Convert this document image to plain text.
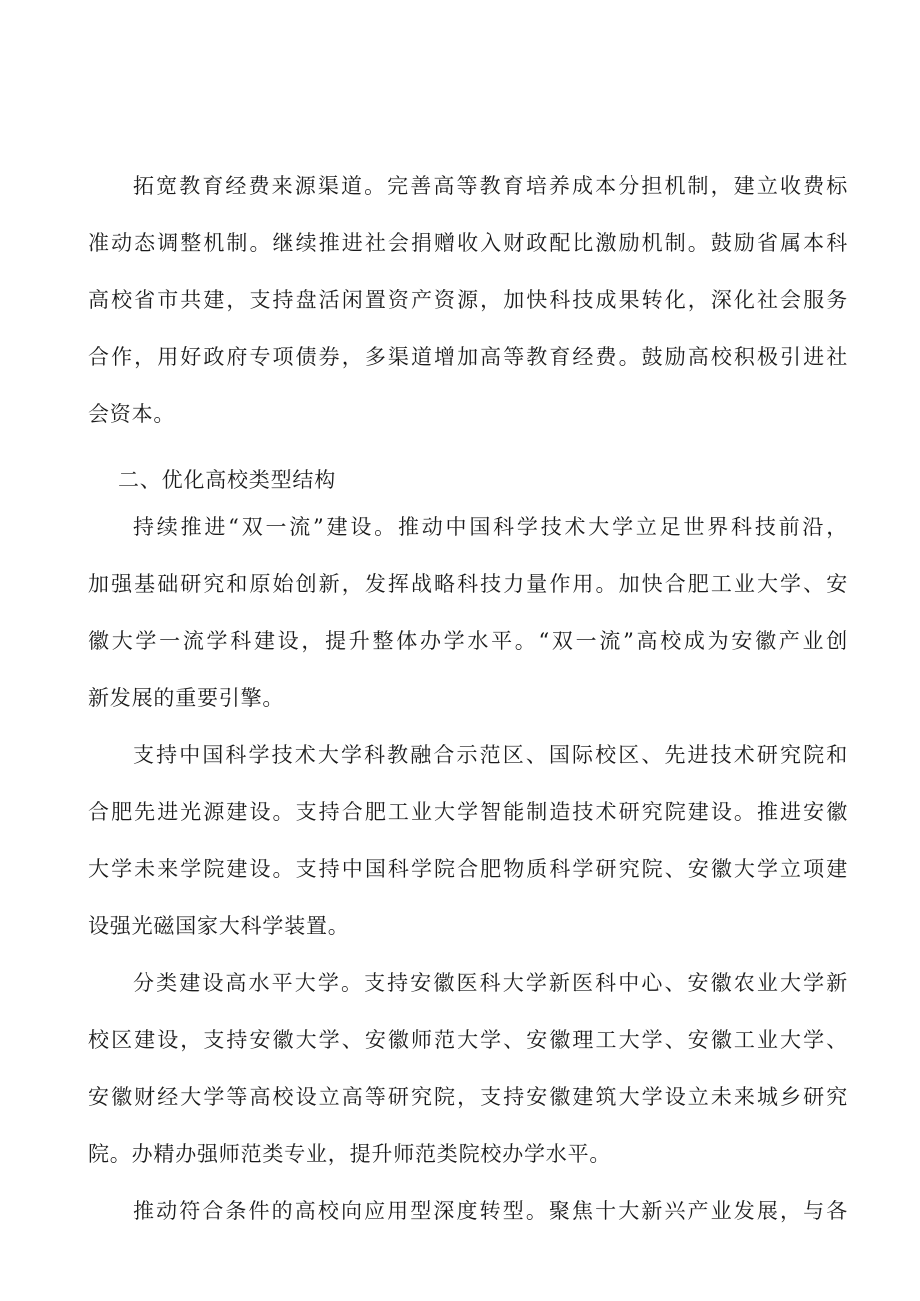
拓宽教育经费来源渠道。完善高等教育培养成本分担机制，建立收费标
准动态调整机制。继续推进社会捐赠收入财政配比激励机制。鼓励省属本科
高校省市共建，支持盘活闲置资产资源，加快科技成果转化，深化社会服务
合作，用好政府专项债券，多渠道增加高等教育经费。鼓励高校积极引进社
会资本。
二、优化高校类型结构
持续推进“双一流”建设。推动中国科学技术大学立足世界科技前沿，
加强基础研究和原始创新，发挥战略科技力量作用。加快合肥工业大学、安
徽大学一流学科建设，提升整体办学水平。“双一流”高校成为安徽产业创
新发展的重要引擎。
支持中国科学技术大学科教融合示范区、国际校区、先进技术研究院和
合肥先进光源建设。支持合肥工业大学智能制造技术研究院建设。推进安徽
大学未来学院建设。支持中国科学院合肥物质科学研究院、安徽大学立项建
设强光磁国家大科学装置。
分类建设高水平大学。支持安徽医科大学新医科中心、安徽农业大学新
校区建设，支持安徽大学、安徽师范大学、安徽理工大学、安徽工业大学、
安徽财经大学等高校设立高等研究院，支持安徽建筑大学设立未来城乡研究
院。办精办强师范类专业，提升师范类院校办学水平。
推动符合条件的高校向应用型深度转型。聚焦十大新兴产业发展，与各
